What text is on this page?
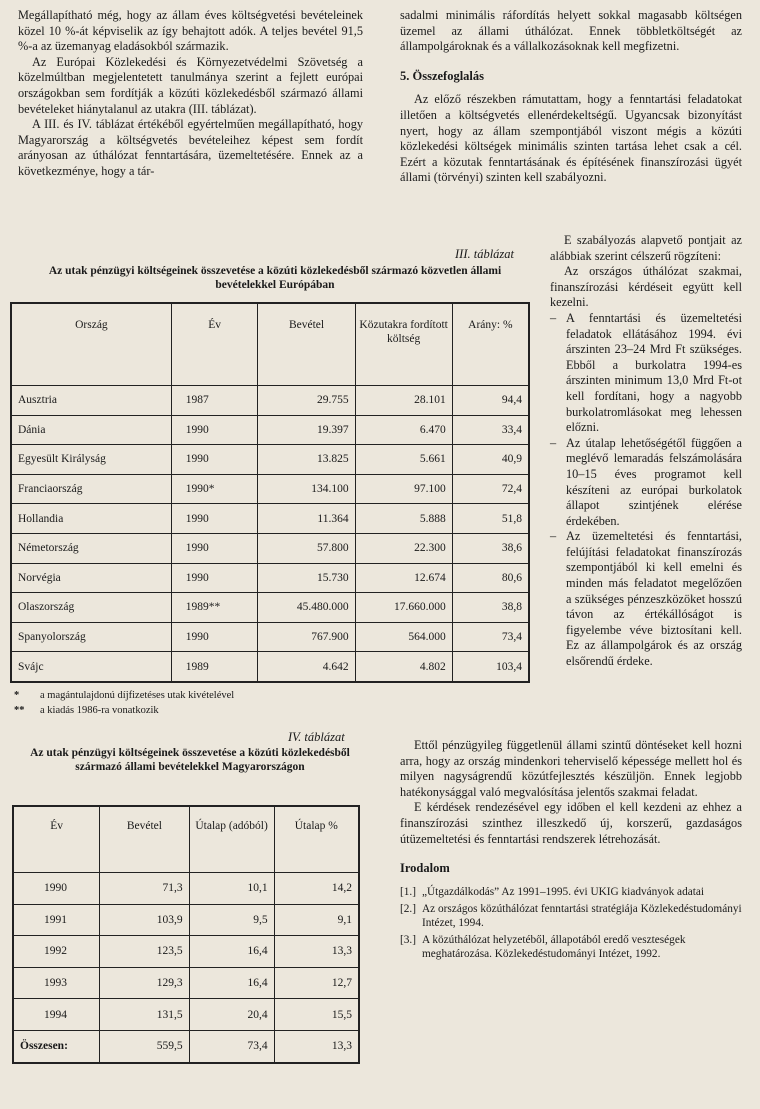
Megállapítható még, hogy az állam éves költségvetési bevételeinek közel 10 %-át képviselik az így behajtott adók. A teljes bevétel 91,5 %-a az üzemanyag eladásokból származik.

Az Európai Közlekedési és Környezetvédelmi Szövetség a közelmúltban megjelentetett tanulmánya szerint a fejlett európai országokban sem fordítják a közúti közlekedésből származó állami bevételeket hiánytalanul az utakra (III. táblázat).

A III. és IV. táblázat értékéből egyértelműen megállapítható, hogy Magyarország a költségvetés bevételeihez képest sem fordít arányosan az úthálózat fenntartására, üzemeltetésére. Ennek az a következménye, hogy a tár-

sadalmi minimális ráfordítás helyett sokkal magasabb költségen üzemel az állami úthálózat. Ennek többletköltségét az állampolgároknak és a vállalkozásoknak kell megfizetni.

5. Összefoglalás

Az előző részekben rámutattam, hogy a fenntartási feladatokat illetően a költségvetés ellenérdekeltségű. Ugyancsak bizonyítást nyert, hogy az állam szempontjából viszont mégis a közúti közlekedési költségek minimális szinten tartása lehet csak a cél. Ezért a közutak fenntartásának és építésének finanszírozási ügyét állami (törvényi) szinten kell szabályozni.

E szabályozás alapvető pontjait az alábbiak szerint célszerű rögzíteni:

Az országos úthálózat szakmai, finanszírozási kérdéseit együtt kell kezelni.

– A fenntartási és üzemeltetési feladatok ellátásához 1994. évi árszinten 23–24 Mrd Ft szükséges. Ebből a burkolatra 1994-es árszinten minimum 13,0 Mrd Ft-ot kell fordítani, hogy a nagyobb burkolatromlásokat meg lehessen előzni.
– Az útalap lehetőségétől függően a meglévő lemaradás felszámolására 10–15 éves programot kell készíteni az európai burkolatok állapot szintjének elérése érdekében.
– Az üzemeltetési és fenntartási, felújítási feladatokat finanszírozás szempontjából ki kell emelni és minden más feladatot megelőzően a szükséges pénzeszközöket hosszú távon az értékállóságot is figyelembe véve biztosítani kell. Ez az állampolgárok és az ország elsőrendű érdeke.
III. táblázat
Az utak pénzügyi költségeinek összevetése a közúti közlekedésből származó közvetlen állami bevételekkel Európában
Ország	Év	Bevétel	Közutakra fordított költség	Arány: %
Ausztria	1987	29.755	28.101	94,4
Dánia	1990	19.397	6.470	33,4
Egyesült Királyság	1990	13.825	5.661	40,9
Franciaország	1990*	134.100	97.100	72,4
Hollandia	1990	11.364	5.888	51,8
Németország	1990	57.800	22.300	38,6
Norvégia	1990	15.730	12.674	80,6
Olaszország	1989**	45.480.000	17.660.000	38,8
Spanyolország	1990	767.900	564.000	73,4
Svájc	1989	4.642	4.802	103,4
* a magántulajdonú díjfizetéses utak kivételével
** a kiadás 1986-ra vonatkozik
IV. táblázat
Az utak pénzügyi költségeinek összevetése a közúti közlekedésből származó állami bevételekkel Magyarországon
Év	Bevétel	Útalap (adóból)	Útalap %
1990	71,3	10,1	14,2
1991	103,9	9,5	9,1
1992	123,5	16,4	13,3
1993	129,3	16,4	12,7
1994	131,5	20,4	15,5
Összesen:	559,5	73,4	13,3

Ettől pénzügyileg függetlenül állami szintű döntéseket kell hozni arra, hogy az ország mindenkori teherviselő képessége mellett hol és milyen nagyságrendű közútfejlesztés készüljön. Ennek legjobb hatékonysággal való megvalósítása jelentős szakmai feladat.

E kérdések rendezésével egy időben el kell kezdeni az ehhez a finanszírozási szinthez illeszkedő új, korszerű, gazdaságos útüzemeltetési és fenntartási rendszerek létrehozását.

Irodalom
[1.] „Útgazdálkodás” Az 1991–1995. évi UKIG kiadványok adatai
[2.] Az országos közúthálózat fenntartási stratégiája Közlekedéstudományi Intézet, 1994.
[3.] A közúthálózat helyzetéből, állapotából eredő veszteségek meghatározása. Közlekedéstudományi Intézet, 1992.
